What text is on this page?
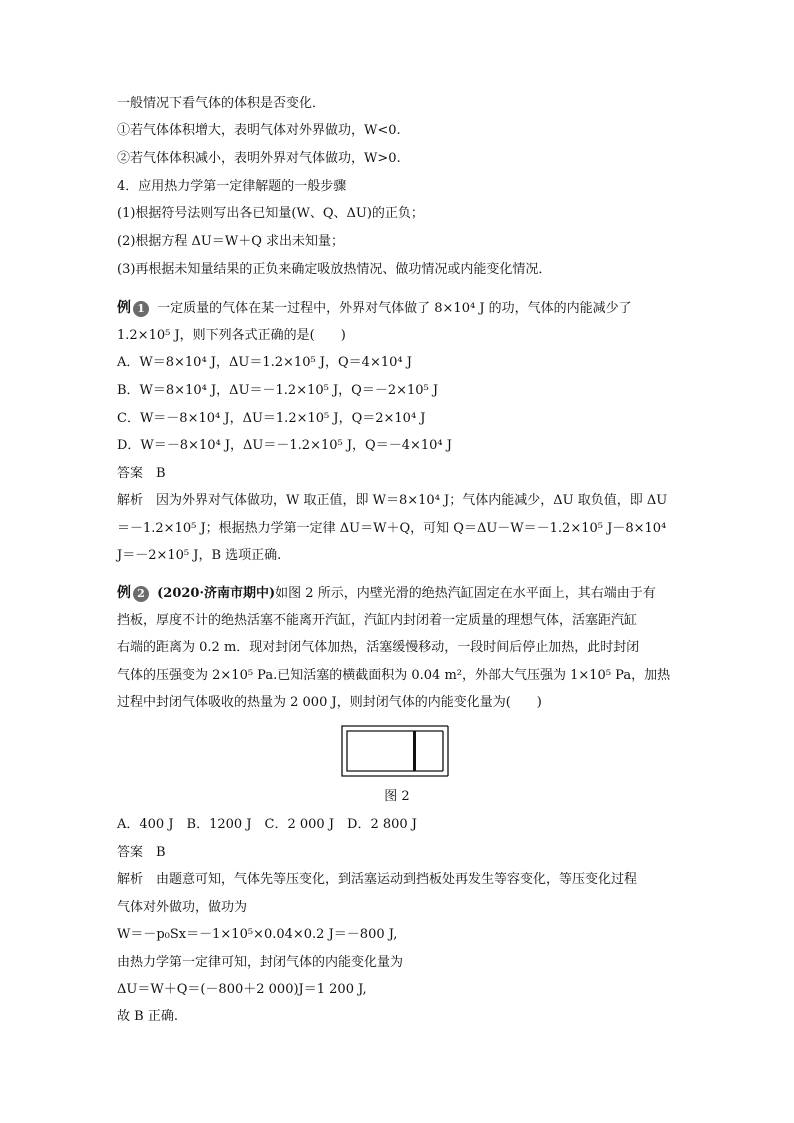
一般情况下看气体的体积是否变化．
①若气体体积增大，表明气体对外界做功，W<0.
②若气体体积减小，表明外界对气体做功，W>0.
4．应用热力学第一定律解题的一般步骤
(1)根据符号法则写出各已知量(W、Q、ΔU)的正负；
(2)根据方程 ΔU＝W＋Q 求出未知量；
(3)再根据未知量结果的正负来确定吸放热情况、做功情况或内能变化情况．
例 1 一定质量的气体在某一过程中，外界对气体做了 8×10⁴ J 的功，气体的内能减少了
1.2×10⁵ J，则下列各式正确的是(　　)
A．W＝8×10⁴ J，ΔU＝1.2×10⁵ J，Q＝4×10⁴ J
B．W＝8×10⁴ J，ΔU＝－1.2×10⁵ J，Q＝－2×10⁵ J
C．W＝－8×10⁴ J，ΔU＝1.2×10⁵ J，Q＝2×10⁴ J
D．W＝－8×10⁴ J，ΔU＝－1.2×10⁵ J，Q＝－4×10⁴ J
答案　B
解析　因为外界对气体做功，W 取正值，即 W＝8×10⁴ J；气体内能减少，ΔU 取负值，即 ΔU
＝－1.2×10⁵ J；根据热力学第一定律 ΔU＝W＋Q，可知 Q＝ΔU－W＝－1.2×10⁵ J－8×10⁴
J＝－2×10⁵ J，B 选项正确.
例 2 (2020·济南市期中)如图 2 所示，内壁光滑的绝热汽缸固定在水平面上，其右端由于有
挡板，厚度不计的绝热活塞不能离开汽缸，汽缸内封闭着一定质量的理想气体，活塞距汽缸
右端的距离为 0.2 m．现对封闭气体加热，活塞缓慢移动，一段时间后停止加热，此时封闭
气体的压强变为 2×10⁵ Pa.已知活塞的横截面积为 0.04 m²，外部大气压强为 1×10⁵ Pa，加热
过程中封闭气体吸收的热量为 2 000 J，则封闭气体的内能变化量为(　　)
图 2
A．400 J　B．1200 J　C．2 000 J　D．2 800 J
答案　B
解析　由题意可知，气体先等压变化，到活塞运动到挡板处再发生等容变化，等压变化过程
气体对外做功，做功为
W＝－p₀Sx＝－1×10⁵×0.04×0.2 J＝－800 J,
由热力学第一定律可知，封闭气体的内能变化量为
ΔU＝W＋Q＝(－800＋2 000)J＝1 200 J,
故 B 正确.
